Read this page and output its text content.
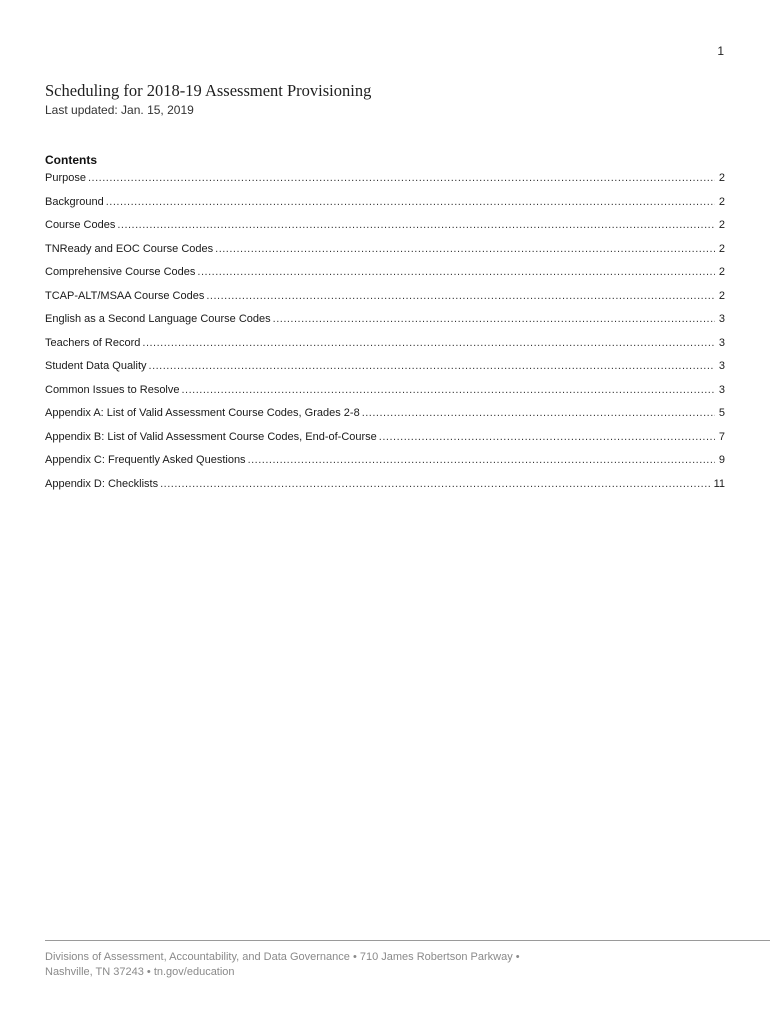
1
Scheduling for 2018-19 Assessment Provisioning
Last updated: Jan. 15, 2019
Contents
Purpose .....	2
Background .....	2
Course Codes .....	2
TNReady and EOC Course Codes .....	2
Comprehensive Course Codes .....	2
TCAP-ALT/MSAA Course Codes .....	2
English as a Second Language Course Codes .....	3
Teachers of Record .....	3
Student Data Quality .....	3
Common Issues to Resolve .....	3
Appendix A: List of Valid Assessment Course Codes, Grades 2-8 .....	5
Appendix B: List of Valid Assessment Course Codes, End-of-Course .....	7
Appendix C: Frequently Asked Questions .....	9
Appendix D: Checklists .....	11
Divisions of Assessment, Accountability, and Data Governance • 710 James Robertson Parkway •
Nashville, TN 37243 • tn.gov/education
